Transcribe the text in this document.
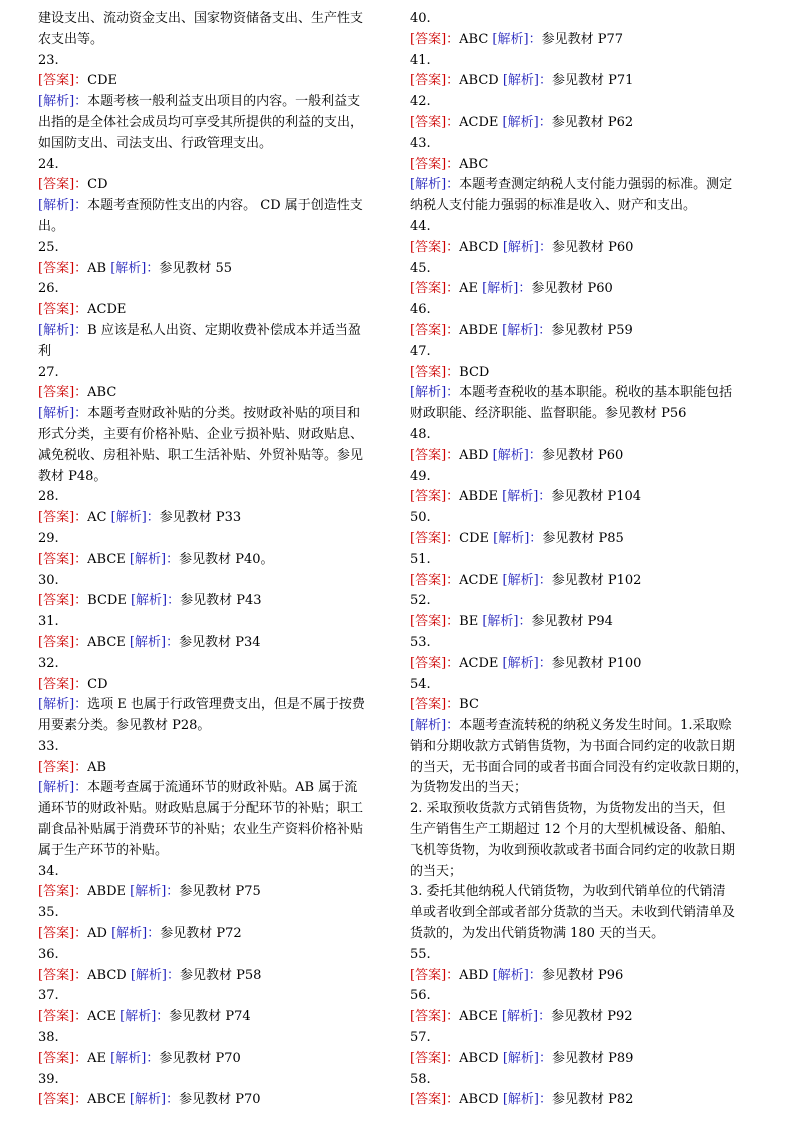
建设支出、流动资金支出、国家物资储备支出、生产性支
农支出等。
23.
[答案]：CDE
[解析]：本题考核一般利益支出项目的内容。一般利益支
出指的是全体社会成员均可享受其所提供的利益的支出，
如国防支出、司法支出、行政管理支出。
24.
[答案]：CD
[解析]：本题考查预防性支出的内容。 CD 属于创造性支
出。
25.
[答案]：AB [解析]：参见教材 55
26.
[答案]：ACDE
[解析]：B 应该是私人出资、定期收费补偿成本并适当盈
利
27.
[答案]：ABC
[解析]：本题考查财政补贴的分类。按财政补贴的项目和
形式分类，主要有价格补贴、企业亏损补贴、财政贴息、
减免税收、房租补贴、职工生活补贴、外贸补贴等。参见
教材 P48。
28.
[答案]：AC [解析]：参见教材 P33
29.
[答案]：ABCE [解析]：参见教材 P40。
30.
[答案]：BCDE [解析]：参见教材 P43
31.
[答案]：ABCE [解析]：参见教材 P34
32.
[答案]：CD
[解析]：选项 E 也属于行政管理费支出，但是不属于按费
用要素分类。参见教材 P28。
33.
[答案]：AB
[解析]：本题考查属于流通环节的财政补贴。AB 属于流
通环节的财政补贴。财政贴息属于分配环节的补贴；职工
副食品补贴属于消费环节的补贴；农业生产资料价格补贴
属于生产环节的补贴。
34.
[答案]：ABDE [解析]：参见教材 P75
35.
[答案]：AD [解析]：参见教材 P72
36.
[答案]：ABCD [解析]：参见教材 P58
37.
[答案]：ACE [解析]：参见教材 P74
38.
[答案]：AE [解析]：参见教材 P70
39.
[答案]：ABCE [解析]：参见教材 P70
40.
[答案]：ABC [解析]：参见教材 P77
41.
[答案]：ABCD [解析]：参见教材 P71
42.
[答案]：ACDE [解析]：参见教材 P62
43.
[答案]：ABC
[解析]：本题考查测定纳税人支付能力强弱的标准。测定
纳税人支付能力强弱的标准是收入、财产和支出。
44.
[答案]：ABCD [解析]：参见教材 P60
45.
[答案]：AE [解析]：参见教材 P60
46.
[答案]：ABDE [解析]：参见教材 P59
47.
[答案]：BCD
[解析]：本题考查税收的基本职能。税收的基本职能包括
财政职能、经济职能、监督职能。参见教材 P56
48.
[答案]：ABD [解析]：参见教材 P60
49.
[答案]：ABDE [解析]：参见教材 P104
50.
[答案]：CDE [解析]：参见教材 P85
51.
[答案]：ACDE [解析]：参见教材 P102
52.
[答案]：BE [解析]：参见教材 P94
53.
[答案]：ACDE [解析]：参见教材 P100
54.
[答案]：BC
[解析]：本题考查流转税的纳税义务发生时间。1.采取赊
销和分期收款方式销售货物，为书面合同约定的收款日期
的当天，无书面合同的或者书面合同没有约定收款日期的，
为货物发出的当天；
2. 采取预收货款方式销售货物，为货物发出的当天，但
生产销售生产工期超过 12 个月的大型机械设备、船舶、
飞机等货物，为收到预收款或者书面合同约定的收款日期
的当天；
3. 委托其他纳税人代销货物，为收到代销单位的代销清
单或者收到全部或者部分货款的当天。未收到代销清单及
货款的，为发出代销货物满 180 天的当天。
55.
[答案]：ABD [解析]：参见教材 P96
56.
[答案]：ABCE [解析]：参见教材 P92
57.
[答案]：ABCD [解析]：参见教材 P89
58.
[答案]：ABCD [解析]：参见教材 P82
